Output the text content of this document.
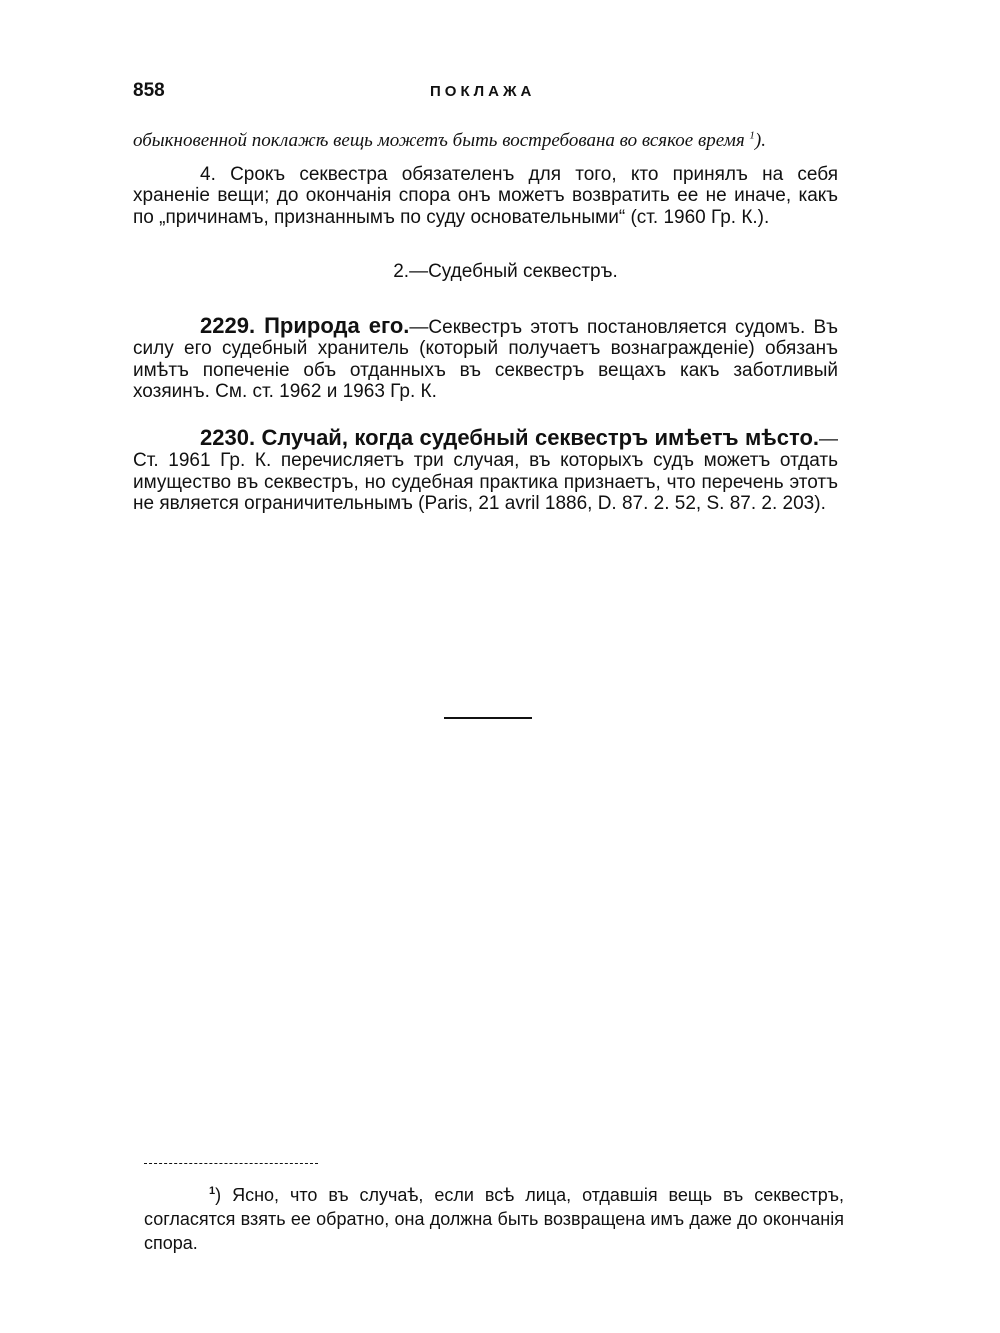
858	ПОКЛАЖА

обыкновенной поклажѣ вещь можетъ быть востребована во всякое время $^1$).

4. Срокъ секвестра обязателенъ для того, кто принялъ на себя храненіе вещи; до окончанія спора онъ можетъ возвратить ее не иначе, какъ по „причинамъ, признаннымъ по суду основательными“ (ст. 1960 Гр. К.).

2.—Судебный секвестръ.

2229. Природа его.—Секвестръ этотъ постановляется судомъ. Въ силу его судебный хранитель (который получаетъ вознагражденіе) обязанъ имѣтъ попеченіе объ отданныхъ въ секвестръ вещахъ какъ заботливый хозяинъ. См. ст. 1962 и 1963 Гр. К.

2230. Случай, когда судебный секвестръ имѣетъ мѣсто.— Ст. 1961 Гр. К. перечисляетъ три случая, въ которыхъ судъ можетъ отдать имущество въ секвестръ, но судебная практика признаетъ, что перечень этотъ не является ограничительнымъ (Paris, 21 avril 1886, D. 87. 2. 52, S. 87. 2. 203).

$^1$) Ясно, что въ случаѣ, если всѣ лица, отдавшія вещь въ секвестръ, согласятся взять ее обратно, она должна быть возвращена имъ даже до окончанія спора.
